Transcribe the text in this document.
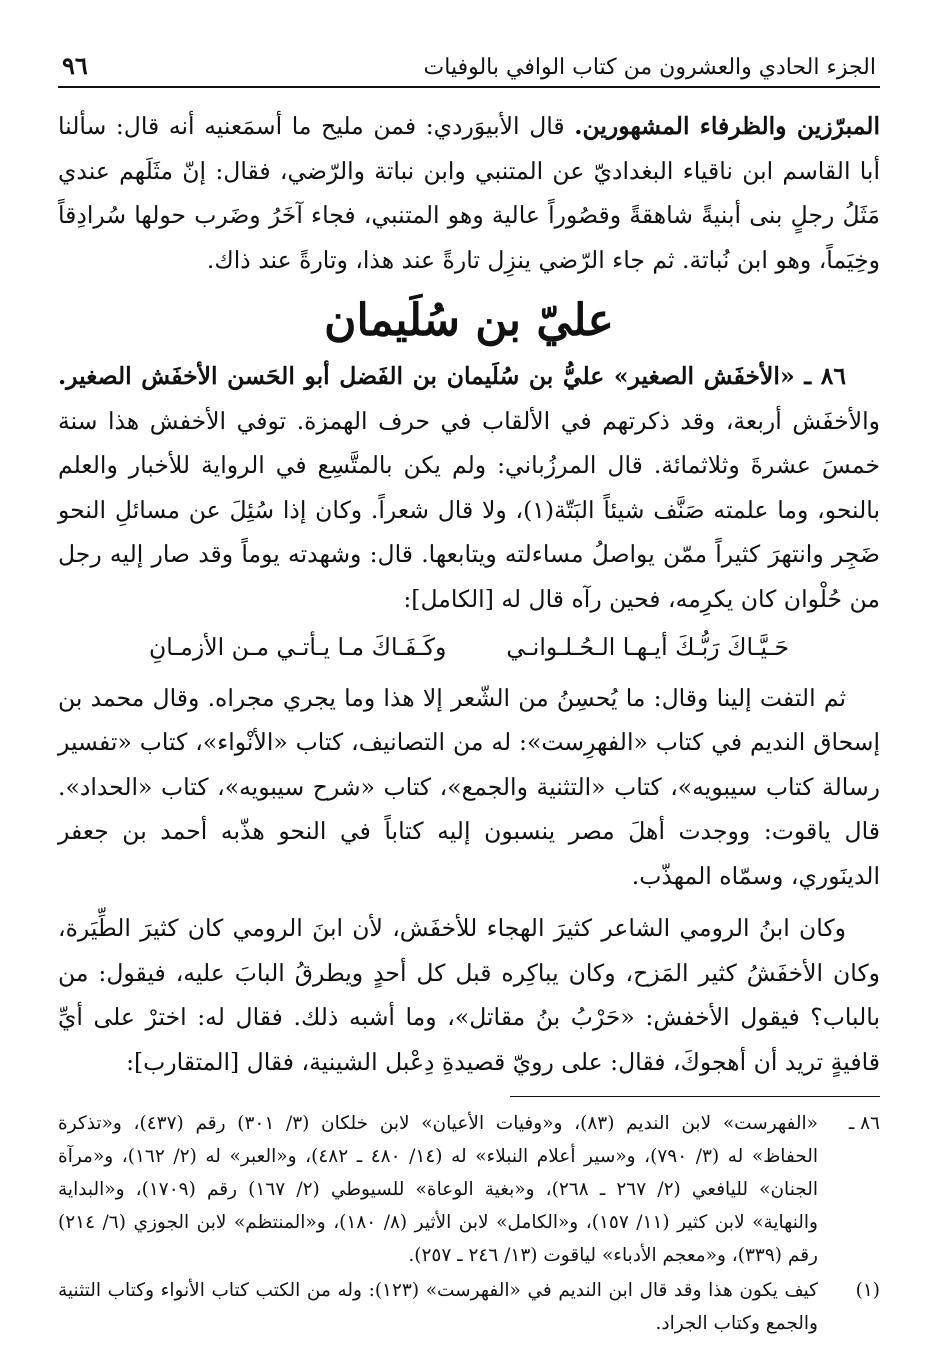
الجزء الحادي والعشرون من كتاب الوافي بالوفيات
٩٦

المبرّزين والظرفاء المشهورين. قال الأبيوَردي: فمن مليح ما أسمَعنيه أنه قال: سألنا أبا القاسم ابن ناقياء البغداديّ عن المتنبي وابن نباتة والرّضي، فقال: إنّ مثَلَهم عندي مَثَلُ رجلٍ بنى أبنيةً شاهقةً وقصُوراً عالية وهو المتنبي، فجاء آخَرُ وضَرب حولها سُرادِقاً وخِيَماً، وهو ابن نُباتة. ثم جاء الرّضي ينزِل تارةً عند هذا، وتارةً عند ذاك.

عليّ بن سُلَيمان

٨٦ ـ «الأخفَش الصغير» عليُّ بن سُلَيمان بن الفَضل أبو الحَسن الأخفَش الصغير. والأخفَش أربعة، وقد ذكرتهم في الألقاب في حرف الهمزة. توفي الأخفش هذا سنة خمسَ عشرةَ وثلاثمائة. قال المرزُباني: ولم يكن بالمتَّسِع في الرواية للأخبار والعلم بالنحو، وما علمته صَنَّف شيئاً البَتّة(١)، ولا قال شعراً. وكان إذا سُئِلَ عن مسائلِ النحو ضَجِر وانتهرَ كثيراً ممّن يواصلُ مساءلته ويتابعها. قال: وشهدته يوماً وقد صار إليه رجل من حُلْوان كان يكرِمه، فحين رآه قال له [الكامل]:

حَـيَّـاكَ رَبُّـكَ أيـهـا الـحُـلـوانـي
وكَـفَـاكَ مـا يـأتـي مـن الأزمـانِ

ثم التفت إلينا وقال: ما يُحسِنُ من الشّعر إلا هذا وما يجري مجراه. وقال محمد بن إسحاق النديم في كتاب «الفهرِست»: له من التصانيف، كتاب «الأنْواء»، كتاب «تفسير رسالة كتاب سيبويه»، كتاب «التثنية والجمع»، كتاب «شرح سيبويه»، كتاب «الحداد». قال ياقوت: ووجدت أهلَ مصر ينسبون إليه كتاباً في النحو هذّبه أحمد بن جعفر الدينَوري، وسمّاه المهذّب.

وكان ابنُ الرومي الشاعر كثيرَ الهجاء للأخفَش، لأن ابنَ الرومي كان كثيرَ الطِّيَرة، وكان الأخفَشُ كثير المَزح، وكان يباكِره قبل كل أحدٍ ويطرقُ البابَ عليه، فيقول: من بالباب؟ فيقول الأخفش: «حَرْبُ بنُ مقاتل»، وما أشبه ذلك. فقال له: اخترْ على أيِّ قافيةٍ تريد أن أهجوكَ، فقال: على رويّ قصيدةِ دِعْبل الشينية، فقال [المتقارب]:

٨٦ ـ
«الفهرست» لابن النديم (٨٣)، و«وفيات الأعيان» لابن خلكان (٣/ ٣٠١) رقم (٤٣٧)، و«تذكرة الحفاظ» له (٣/ ٧٩٠)، و«سير أعلام النبلاء» له (١٤/ ٤٨٠ ـ ٤٨٢)، و«العبر» له (٢/ ١٦٢)، و«مرآة الجنان» لليافعي (٢/ ٢٦٧ ـ ٢٦٨)، و«بغية الوعاة» للسيوطي (٢/ ١٦٧) رقم (١٧٠٩)، و«البداية والنهاية» لابن كثير (١١/ ١٥٧)، و«الكامل» لابن الأثير (٨/ ١٨٠)، و«المنتظم» لابن الجوزي (٦/ ٢١٤) رقم (٣٣٩)، و«معجم الأدباء» لياقوت (١٣/ ٢٤٦ ـ ٢٥٧).
(١)
كيف يكون هذا وقد قال ابن النديم في «الفهرست» (١٢٣): وله من الكتب كتاب الأنواء وكتاب التثنية والجمع وكتاب الجراد.
